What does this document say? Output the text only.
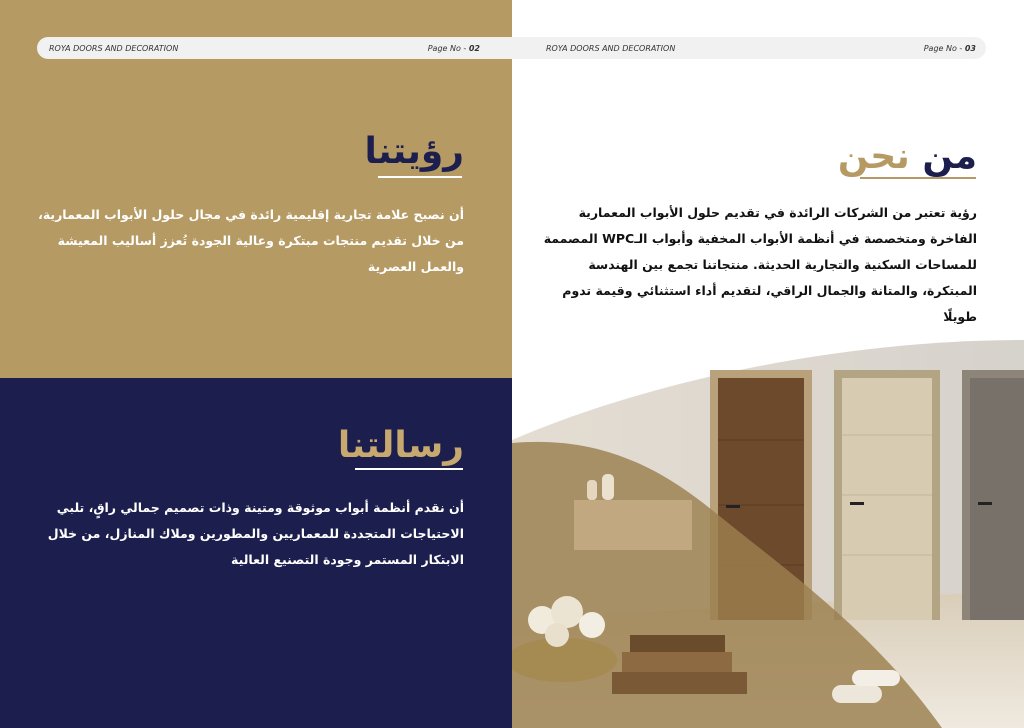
ROYA DOORS AND DECORATION	Page No - 02
رؤيتنا
أن نصبح علامة تجارية إقليمية رائدة في مجال حلول الأبواب المعمارية، من خلال تقديم منتجات مبتكرة وعالية الجودة تُعزز أساليب المعيشة والعمل العصرية
رسالتنا
أن نقدم أنظمة أبواب موثوقة ومتينة وذات تصميم جمالي راقٍ، تلبي الاحتياجات المتجددة للمعماريين والمطورين وملاك المنازل، من خلال الابتكار المستمر وجودة التصنيع العالية
ROYA DOORS AND DECORATION	Page No - 03
من نحن
رؤية تعتبر من الشركات الرائدة في تقديم حلول الأبواب المعمارية الفاخرة ومتخصصة في أنظمة الأبواب المخفية وأبواب الـWPC المصممة للمساحات السكنية والتجارية الحديثة. منتجاتنا تجمع بين الهندسة المبتكرة، والمتانة والجمال الراقي، لتقديم أداء استثنائي وقيمة تدوم طويلًا
